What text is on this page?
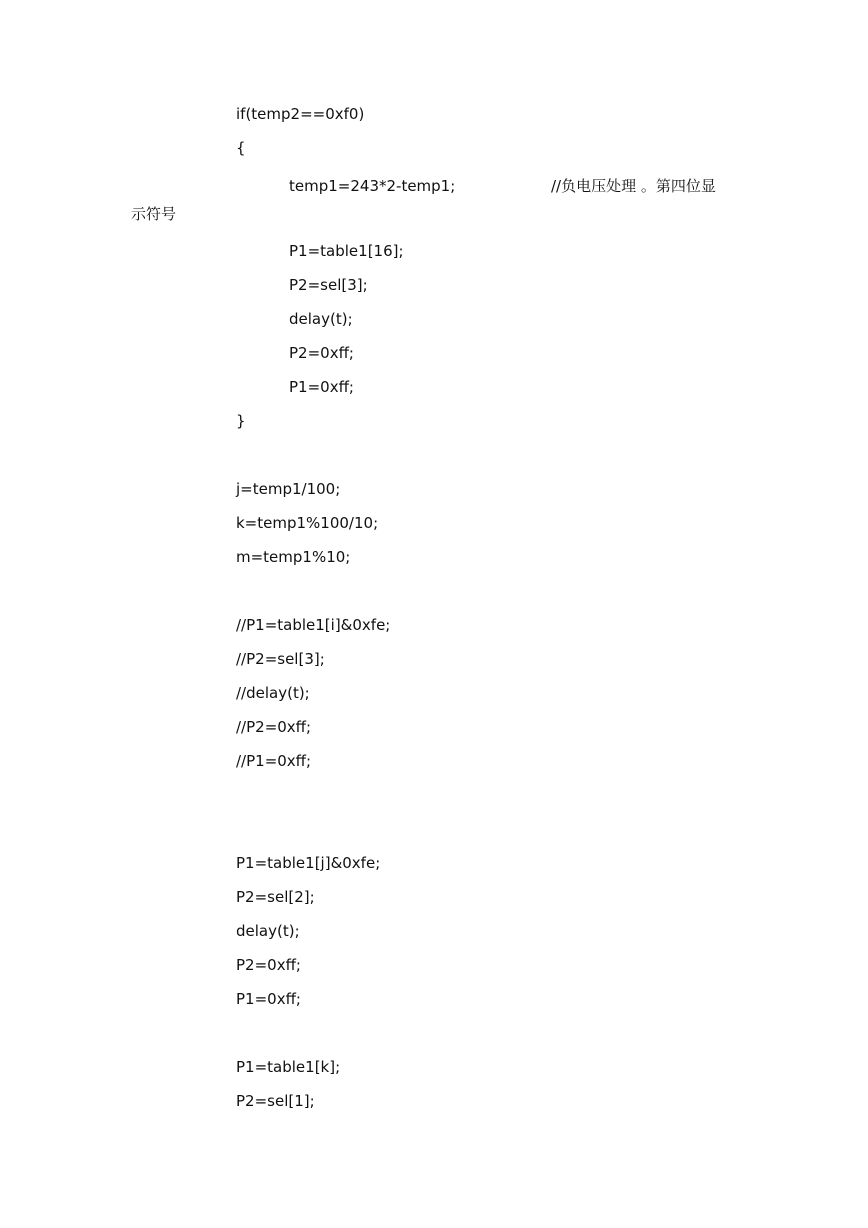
if(temp2==0xf0)

{

temp1=243*2-temp1;	//负电压处理 。第四位显

示符号

P1=table1[16];

P2=sel[3];

delay(t);

P2=0xff;

P1=0xff;

}

j=temp1/100;

k=temp1%100/10;

m=temp1%10;

//P1=table1[i]&0xfe;

//P2=sel[3];

//delay(t);

//P2=0xff;

//P1=0xff;

P1=table1[j]&0xfe;

P2=sel[2];

delay(t);

P2=0xff;

P1=0xff;

P1=table1[k];

P2=sel[1];
